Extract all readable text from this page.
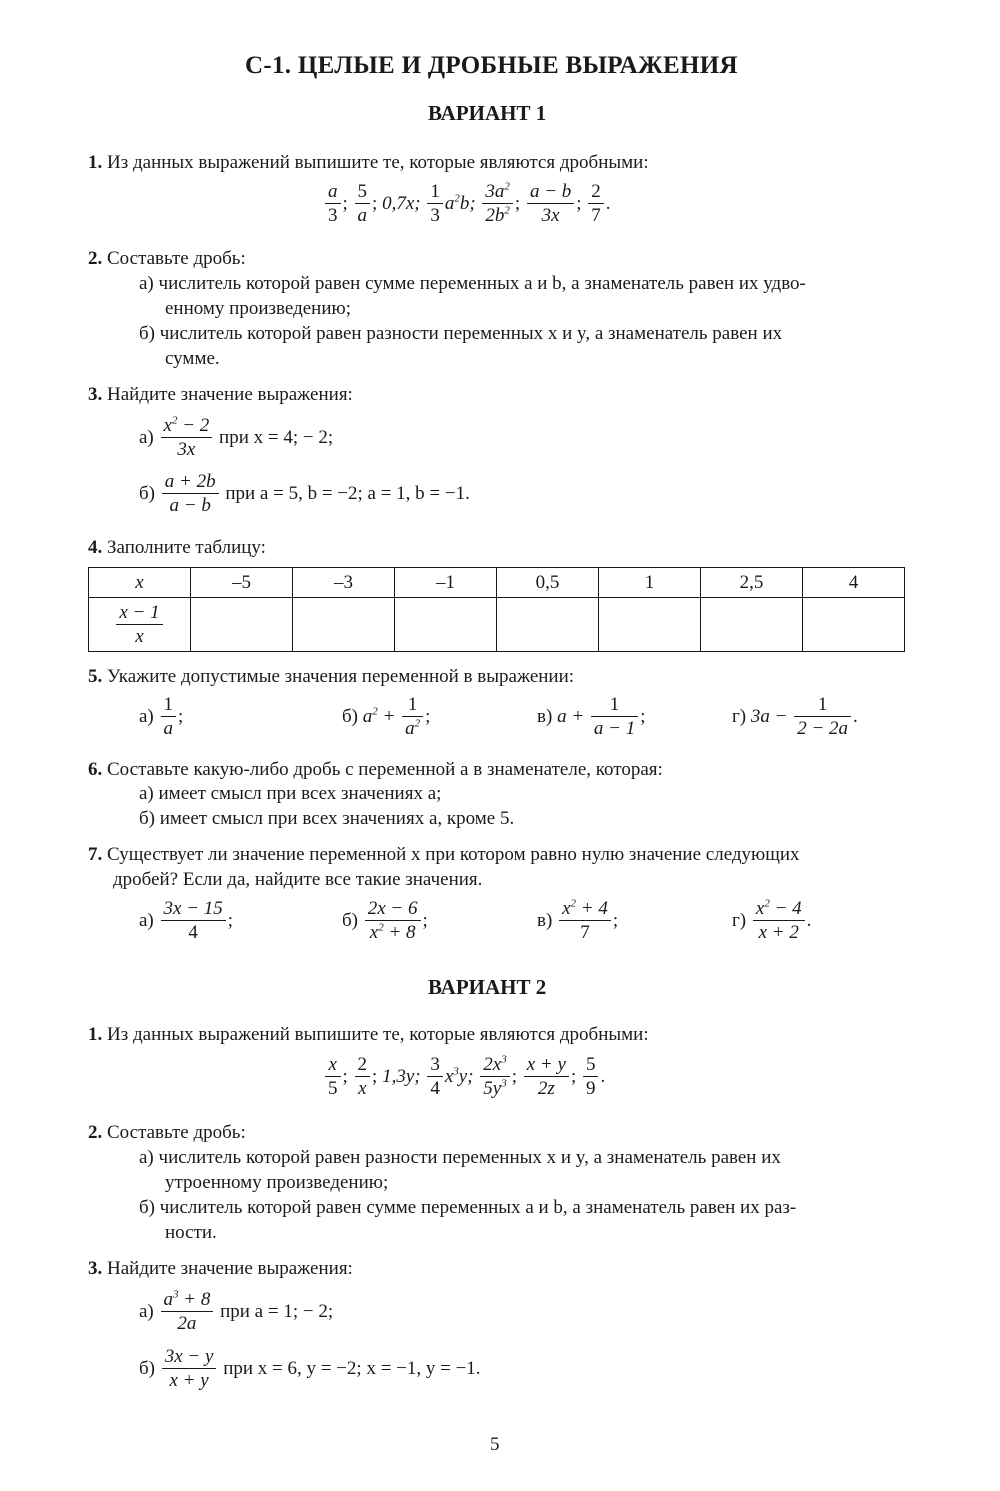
С-1. ЦЕЛЫЕ И ДРОБНЫЕ ВЫРАЖЕНИЯ
ВАРИАНТ 1
1. Из данных выражений выпишите те, которые являются дробными:
$\frac{a}{3}$ ; $\frac{5}{a}$ ; 0,7x; $\frac{1}{3} a^2b$; $\frac{3a^2}{2b^2}$ ; $\frac{a - b}{3x}$ ; $\frac{2}{7}$ .
2. Составьте дробь:
а) числитель которой равен сумме переменных a и b, а знаменатель равен их удво-
енному произведению;
б) числитель которой равен разности переменных x и y, а знаменатель равен их
сумме.
3. Найдите значение выражения:
$а) \frac{x^2 - 2}{3x}$ при x = 4; − 2;
$б) \frac{a + 2b}{a - b}$ при a = 5, b = −2; a = 1, b = −1.
4. Заполните таблицу:
x	–5	–3	–1	0,5	1	2,5	4

$\frac{x - 1}{x}$

5. Укажите допустимые значения переменной в выражении:
$а) \frac{1}{a}$ ;	б) $a^2 + \frac{1}{a^2}$ ;	в) $a + \frac{1}{a - 1}$ ;	г) $3a - \frac{1}{2 - 2a}$ .
6. Составьте какую-либо дробь с переменной a в знаменателе, которая:
а) имеет смысл при всех значениях a;
б) имеет смысл при всех значениях a, кроме 5.
7. Существует ли значение переменной x при котором равно нулю значение следующих
дробей? Если да, найдите все такие значения.
$а) \frac{3x - 15}{4}$ ;	$б) \frac{2x - 6}{x^2 + 8}$ ;	$в) \frac{x^2 + 4}{7}$ ;	$г) \frac{x^2 - 4}{x + 2}$ .
ВАРИАНТ 2
1. Из данных выражений выпишите те, которые являются дробными:
$\frac{x}{5}$ ; $\frac{2}{x}$ ; 1,3y; $\frac{3}{4} x^3y$; $\frac{2x^3}{5y^3}$ ; $\frac{x + y}{2z}$ ; $\frac{5}{9}$ .
2. Составьте дробь:
а) числитель которой равен разности переменных x и y, а знаменатель равен их
утроенному произведению;
б) числитель которой равен сумме переменных a и b, а знаменатель равен их раз-
ности.
3. Найдите значение выражения:
$а) \frac{a^3 + 8}{2a}$ при a = 1; − 2;
$б) \frac{3x - y}{x + y}$ при x = 6, y = −2; x = −1, y = −1.
5
